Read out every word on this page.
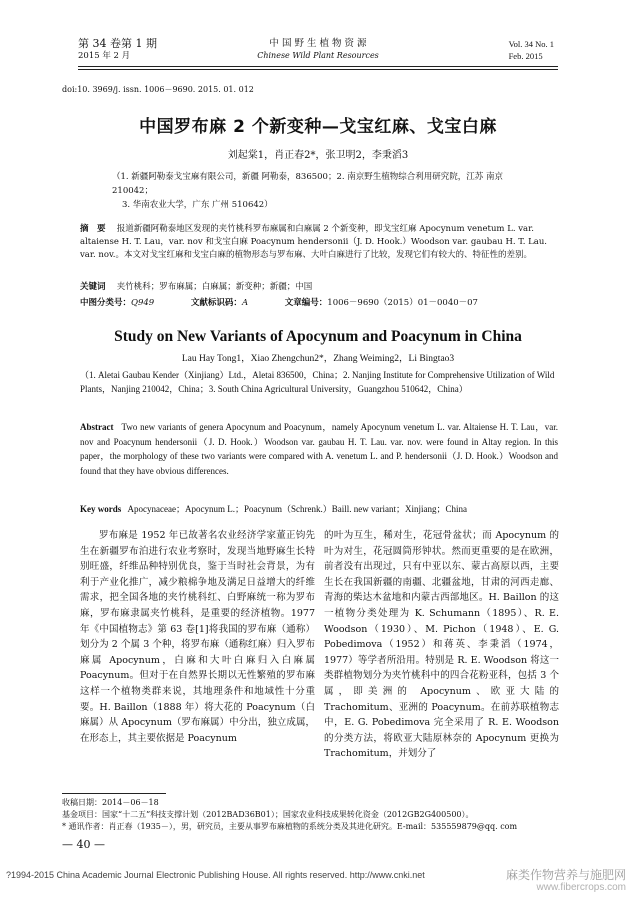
第 34 卷第 1 期
2015 年 2 月
中 国 野 生 植 物 资 源
Chinese Wild Plant Resources
Vol. 34 No. 1
Feb. 2015
doi:10. 3969/j. issn. 1006－9690. 2015. 01. 012
中国罗布麻 2 个新变种—戈宝红麻、戈宝白麻
刘起棠1，肖正春2*，张卫明2，李秉滔3
（1. 新疆阿勒泰戈宝麻有限公司，新疆 阿勒泰，836500；2. 南京野生植物综合利用研究院，江苏 南京 210042；
3. 华南农业大学，广东 广州 510642）
摘　要　 报道新疆阿勒泰地区发现的夹竹桃科罗布麻属和白麻属 2 个新变种，即戈宝红麻 Apocynum venetum L. var. altaiense H. T. Lau，var. nov 和戈宝白麻 Poacynum hendersonii（J. D. Hook.）Woodson var. gaubau H. T. Lau. var. nov.。本文对戈宝红麻和戈宝白麻的植物形态与罗布麻、大叶白麻进行了比较，发现它们有较大的、特征性的差别。
关键词　 夹竹桃科；罗布麻属；白麻属；新变种；新疆；中国
中图分类号：Q949	文献标识码：A	文章编号：1006－9690（2015）01－0040－07
Study on New Variants of Apocynum and Poacynum in China
Lau Hay Tong1，Xiao Zhengchun2*，Zhang Weiming2，Li Bingtao3
（1. Aletai Gaubau Kender（Xinjiang）Ltd.，Aletai 836500，China；2. Nanjing Institute for Comprehensive Utilization of Wild Plants，Nanjing 210042，China；3. South China Agricultural University，Guangzhou 510642，China）
Abstract Two new variants of genera Apocynum and Poacynum，namely Apocynum venetum L. var. Altaiense H. T. Lau，var. nov and Poacynum hendersonii（J. D. Hook.）Woodson var. gaubau H. T. Lau. var. nov. were found in Altay region. In this paper，the morphology of these two variants were compared with A. venetum L. and P. hendersonii（J. D. Hook.）Woodson and found that they have obvious differences.
Key words Apocynaceae；Apocynum L.；Poacynum（Schrenk.）Baill. new variant；Xinjiang；China
罗布麻是 1952 年已故著名农业经济学家董正钧先生在新疆罗布泊进行农业考察时，发现当地野麻生长特别旺盛，纤维品种特别优良，鉴于当时社会背景，为有利于产业化推广，减少粮棉争地及满足日益增大的纤维需求，把全国各地的夹竹桃科红、白野麻统一称为罗布麻，罗布麻隶属夹竹桃科，是重要的经济植物。1977 年《中国植物志》第 63 卷[1]将我国的罗布麻（通称）划分为 2 个属 3 个种，将罗布麻（通称红麻）归入罗布麻属 Apocynum，白麻和大叶白麻归入白麻属 Poacynum。但对于在自然界长期以无性繁殖的罗布麻这样一个植物类群来说，其地理条件和地域性十分重要。H. Baillon（1888 年）将大花的 Poacynum（白麻属）从 Apocynum（罗布麻属）中分出，独立成属，在形态上，其主要依据是 Poacynum
的叶为互生，稀对生，花冠骨盆状；而 Apocynum 的叶为对生，花冠圆筒形钟状。然而更重要的是在欧洲，前者没有出现过，只有中亚以东、蒙古高原以西，主要生长在我国新疆的南疆、北疆盆地，甘肃的河西走廊、青海的柴达木盆地和内蒙古西部地区。H. Baillon 的这一植物分类处理为 K. Schumann（1895）、R. E. Woodson（1930）、M. Pichon（1948）、E. G. Pobedimova（1952）和蒋英、李秉滔（1974，1977）等学者所沿用。特别是 R. E. Woodson 将这一类群植物划分为夹竹桃科中的四合花粉亚科，包括 3 个属，即美洲的 Apocynum、欧亚大陆的 Trachomitum、亚洲的 Poacynum。在前苏联植物志中，E. G. Pobedimova 完全采用了 R. E. Woodson 的分类方法，将欧亚大陆原林奈的 Apocynum 更换为 Trachomitum，并划分了
收稿日期：2014－06－18
基金项目：国家“十二五”科技支撑计划（2012BAD36B01）；国家农业科技成果转化资金（2012GB2G400500）。
* 通讯作者：肖正春（1935－），男，研究员，主要从事罗布麻植物的系统分类及其进化研究。E-mail：535559879@qq. com
— 40 —
?1994-2015 China Academic Journal Electronic Publishing House. All rights reserved. http://www.cnki.net	麻类作物营养与施肥网
www.fibercrops.com
